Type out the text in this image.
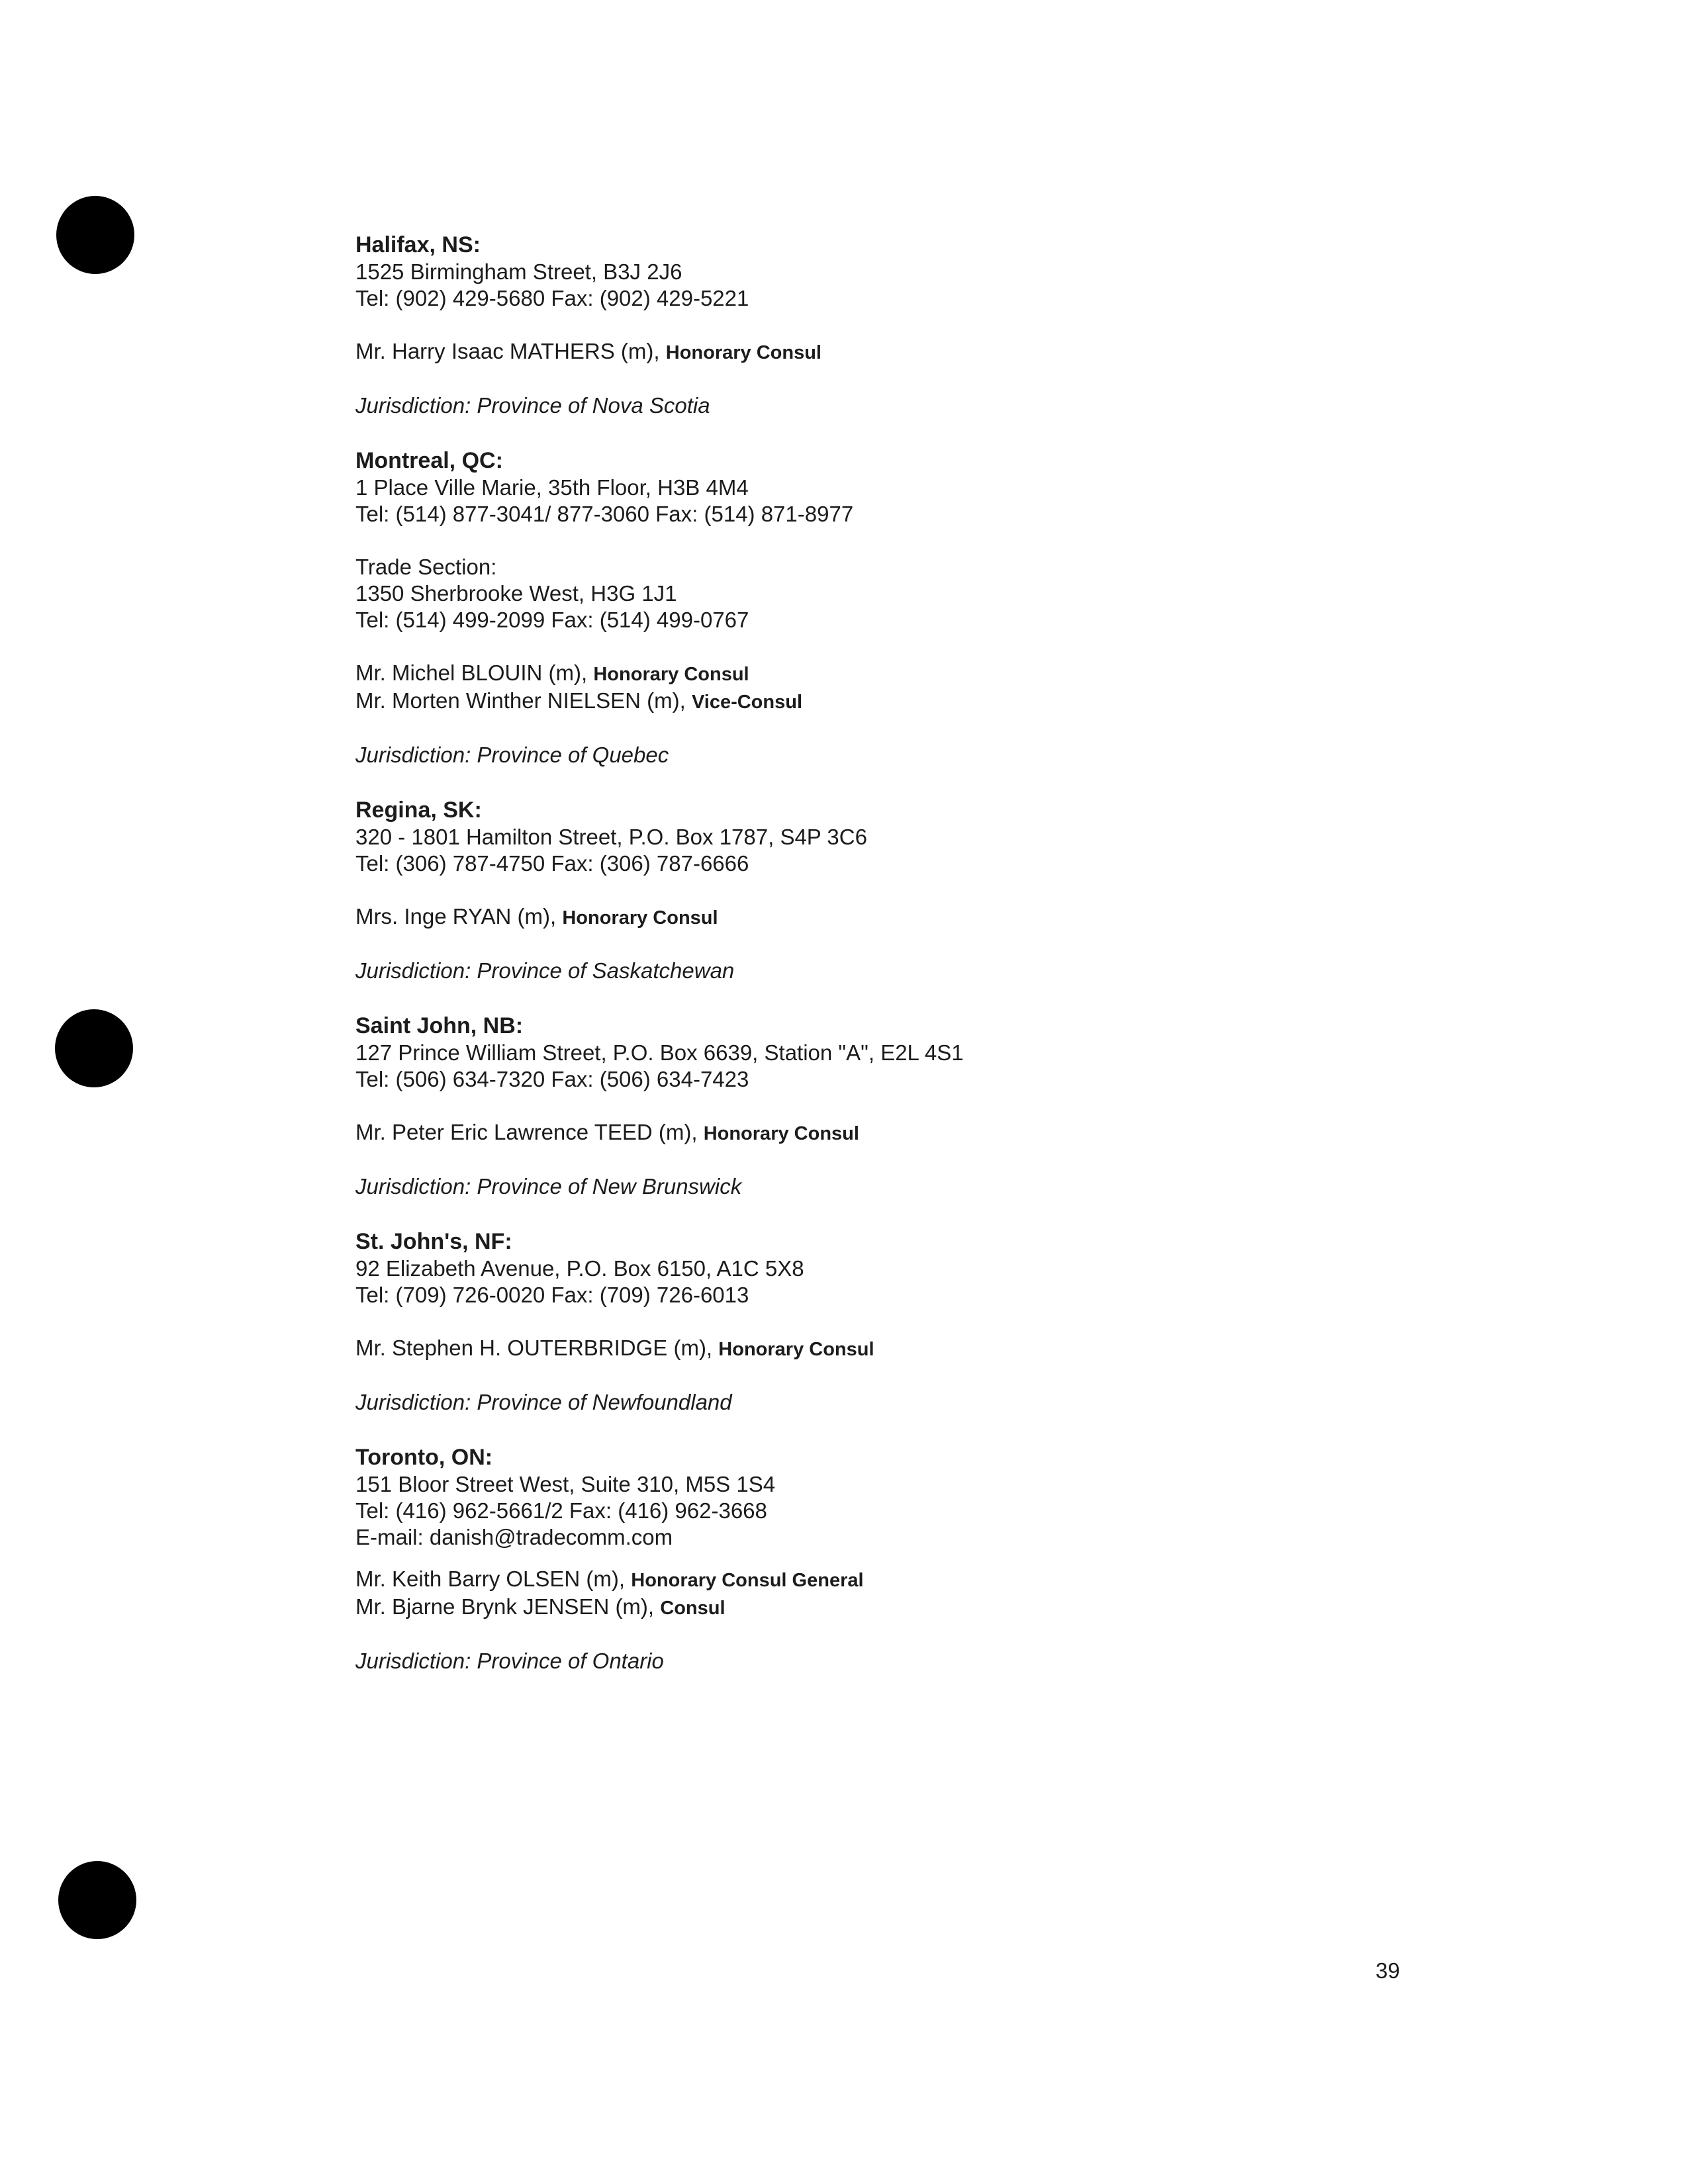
Halifax, NS:
1525 Birmingham Street, B3J 2J6
Tel: (902) 429-5680 Fax: (902) 429-5221
Mr. Harry Isaac MATHERS (m), Honorary Consul
Jurisdiction: Province of Nova Scotia
Montreal, QC:
1 Place Ville Marie, 35th Floor, H3B 4M4
Tel: (514) 877-3041/ 877-3060 Fax: (514) 871-8977
Trade Section:
1350 Sherbrooke West, H3G 1J1
Tel: (514) 499-2099 Fax: (514) 499-0767
Mr. Michel BLOUIN (m), Honorary Consul
Mr. Morten Winther NIELSEN (m), Vice-Consul
Jurisdiction: Province of Quebec
Regina, SK:
320 - 1801 Hamilton Street, P.O. Box 1787, S4P 3C6
Tel: (306) 787-4750 Fax: (306) 787-6666
Mrs. Inge RYAN (m), Honorary Consul
Jurisdiction: Province of Saskatchewan
Saint John, NB:
127 Prince William Street, P.O. Box 6639, Station "A", E2L 4S1
Tel: (506) 634-7320 Fax: (506) 634-7423
Mr. Peter Eric Lawrence TEED (m), Honorary Consul
Jurisdiction: Province of New Brunswick
St. John's, NF:
92 Elizabeth Avenue, P.O. Box 6150, A1C 5X8
Tel: (709) 726-0020 Fax: (709) 726-6013
Mr. Stephen H. OUTERBRIDGE (m), Honorary Consul
Jurisdiction: Province of Newfoundland
Toronto, ON:
151 Bloor Street West, Suite 310, M5S 1S4
Tel: (416) 962-5661/2 Fax: (416) 962-3668
E-mail: danish@tradecomm.com
Mr. Keith Barry OLSEN (m), Honorary Consul General
Mr. Bjarne Brynk JENSEN (m), Consul
Jurisdiction: Province of Ontario
39
